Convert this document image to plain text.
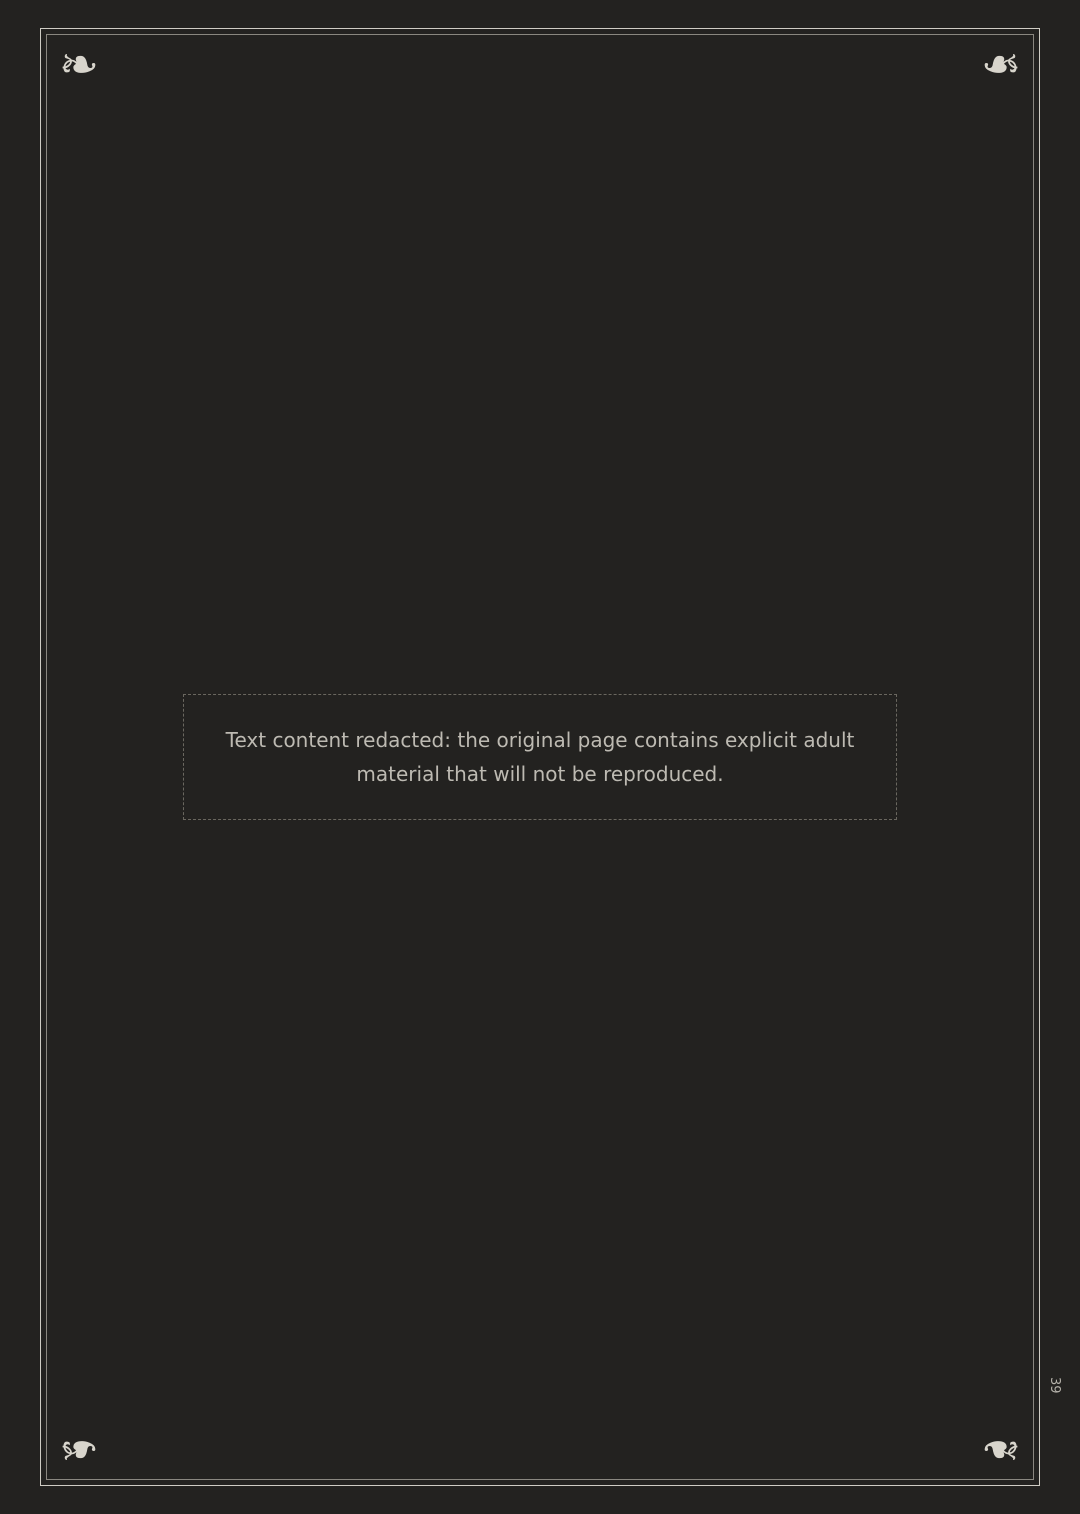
❧	❧
❧	❧
Text content redacted: the original page contains explicit adult material that will not be reproduced.
39
